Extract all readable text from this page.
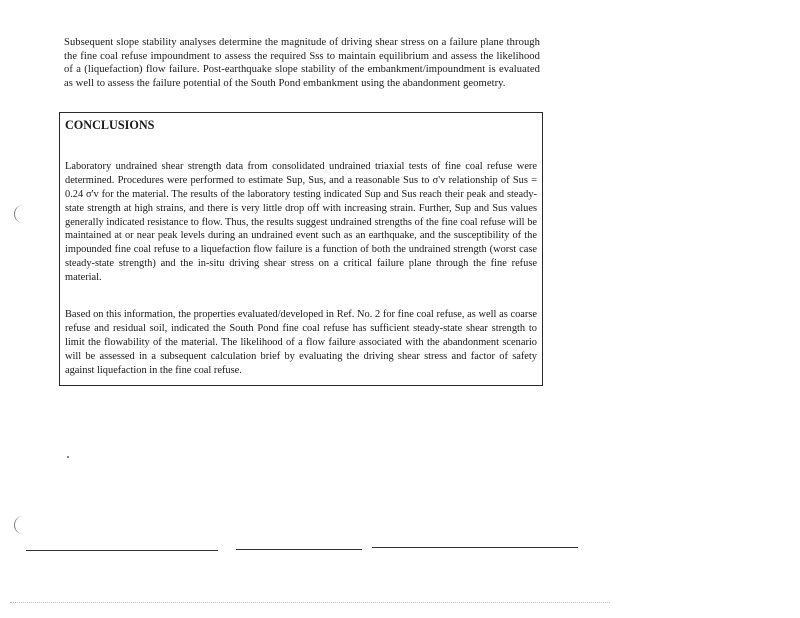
Subsequent slope stability analyses determine the magnitude of driving shear stress on a failure plane through the fine coal refuse impoundment to assess the required Sss to maintain equilibrium and assess the likelihood of a (liquefaction) flow failure. Post-earthquake slope stability of the embankment/impoundment is evaluated as well to assess the failure potential of the South Pond embankment using the abandonment geometry.

CONCLUSIONS

Laboratory undrained shear strength data from consolidated undrained triaxial tests of fine coal refuse were determined. Procedures were performed to estimate Sup, Sus, and a reasonable Sus to σ'v relationship of Sus = 0.24 σ'v for the material. The results of the laboratory testing indicated Sup and Sus reach their peak and steady-state strength at high strains, and there is very little drop off with increasing strain. Further, Sup and Sus values generally indicated resistance to flow. Thus, the results suggest undrained strengths of the fine coal refuse will be maintained at or near peak levels during an undrained event such as an earthquake, and the susceptibility of the impounded fine coal refuse to a liquefaction flow failure is a function of both the undrained strength (worst case steady-state strength) and the in-situ driving shear stress on a critical failure plane through the fine refuse material.

Based on this information, the properties evaluated/developed in Ref. No. 2 for fine coal refuse, as well as coarse refuse and residual soil, indicated the South Pond fine coal refuse has sufficient steady-state shear strength to limit the flowability of the material. The likelihood of a flow failure associated with the abandonment scenario will be assessed in a subsequent calculation brief by evaluating the driving shear stress and factor of safety against liquefaction in the fine coal refuse.
